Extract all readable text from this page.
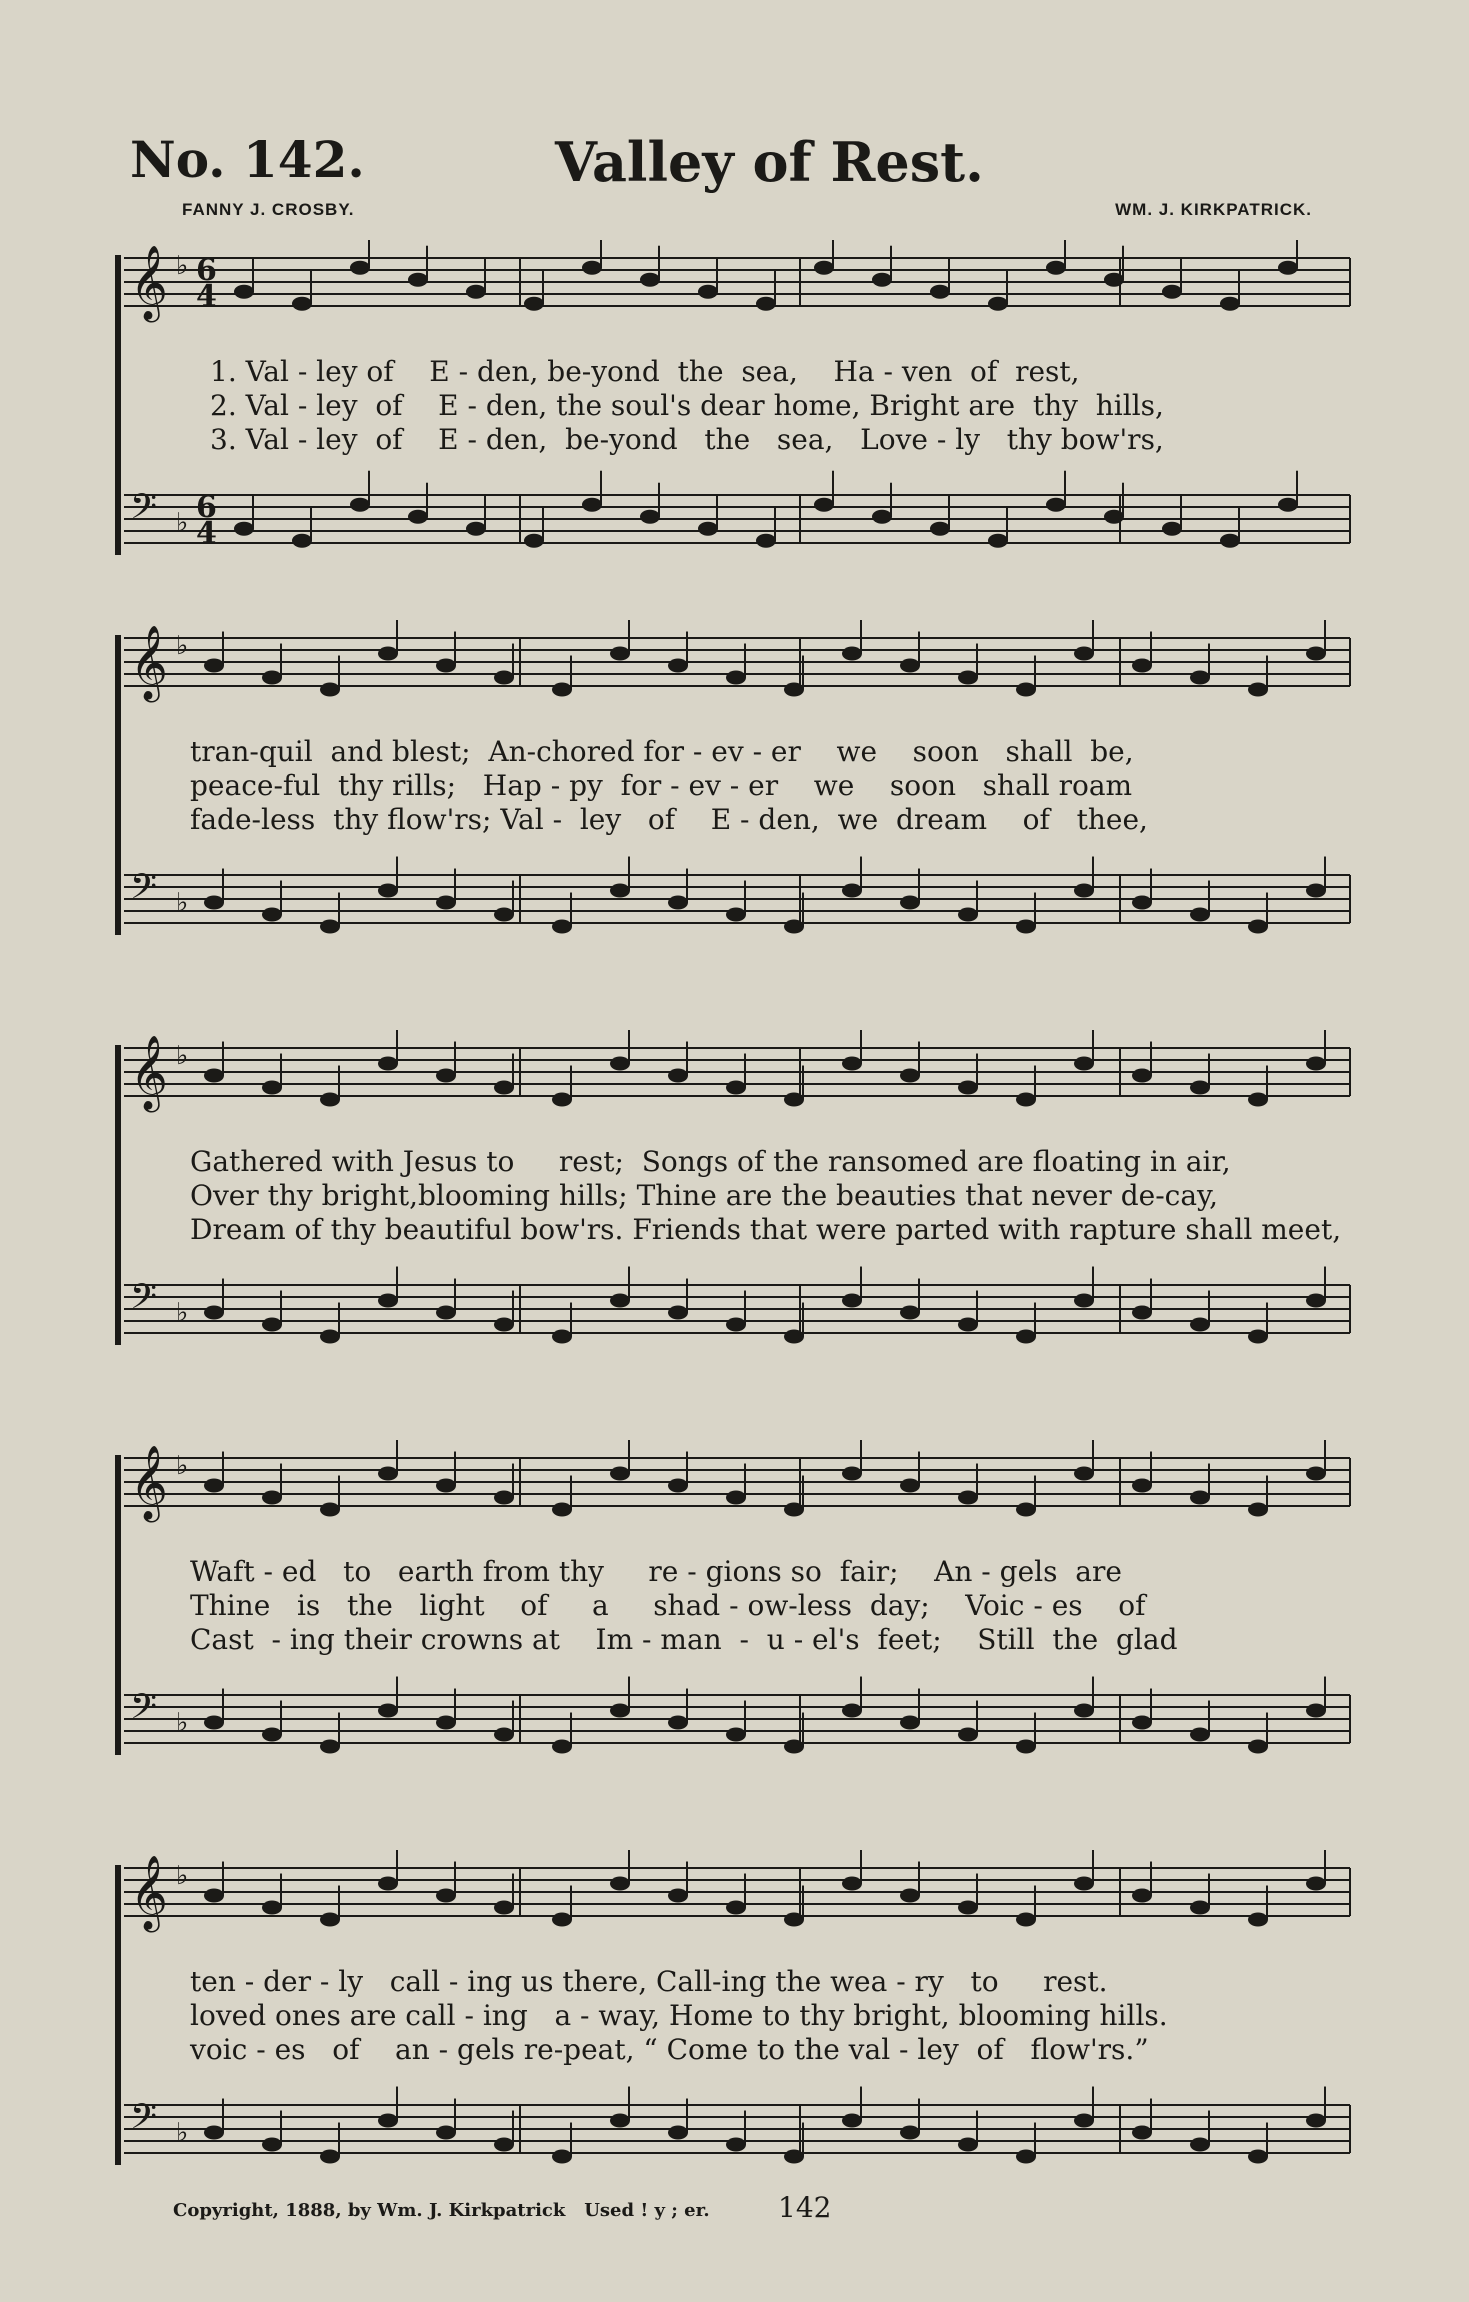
No. 142.	Valley of Rest.
FANNY J. CROSBY.	WM. J. KIRKPATRICK.
𝄞 ♭ 6
4
𝄢 ♭ 6
4
1. Val - ley of    E - den, be-yond  the  sea,    Ha - ven  of  rest,
2. Val - ley  of    E - den, the soul's dear home, Bright are  thy  hills,
3. Val - ley  of    E - den,  be-yond   the   sea,   Love - ly   thy bow'rs,
𝄞 ♭
𝄢 ♭
tran-quil  and blest;  An-chored for - ev - er    we    soon   shall  be,
peace-ful  thy rills;   Hap - py  for - ev - er    we    soon   shall roam
fade-less  thy flow'rs; Val -  ley   of    E - den,  we  dream    of   thee,
𝄞 ♭
𝄢 ♭
Gathered with Jesus to     rest;  Songs of the ransomed are floating in air,
Over thy bright,blooming hills; Thine are the beauties that never de-cay,
Dream of thy beautiful bow'rs. Friends that were parted with rapture shall meet,
𝄞 ♭
𝄢 ♭
Waft - ed   to   earth from thy     re - gions so  fair;    An - gels  are
Thine   is   the   light    of     a     shad - ow-less  day;    Voic - es    of
Cast  - ing their crowns at    Im - man  -  u - el's  feet;    Still  the  glad
𝄞 ♭
𝄢 ♭
ten - der - ly   call - ing us there, Call-ing the wea - ry   to     rest.
loved ones are call - ing   a - way, Home to thy bright, blooming hills.
voic - es   of    an - gels re-peat, “ Come to the val - ley  of   flow'rs.”
Copyright, 1888, by Wm. J. Kirkpatrick Used ! y ; er. 142
